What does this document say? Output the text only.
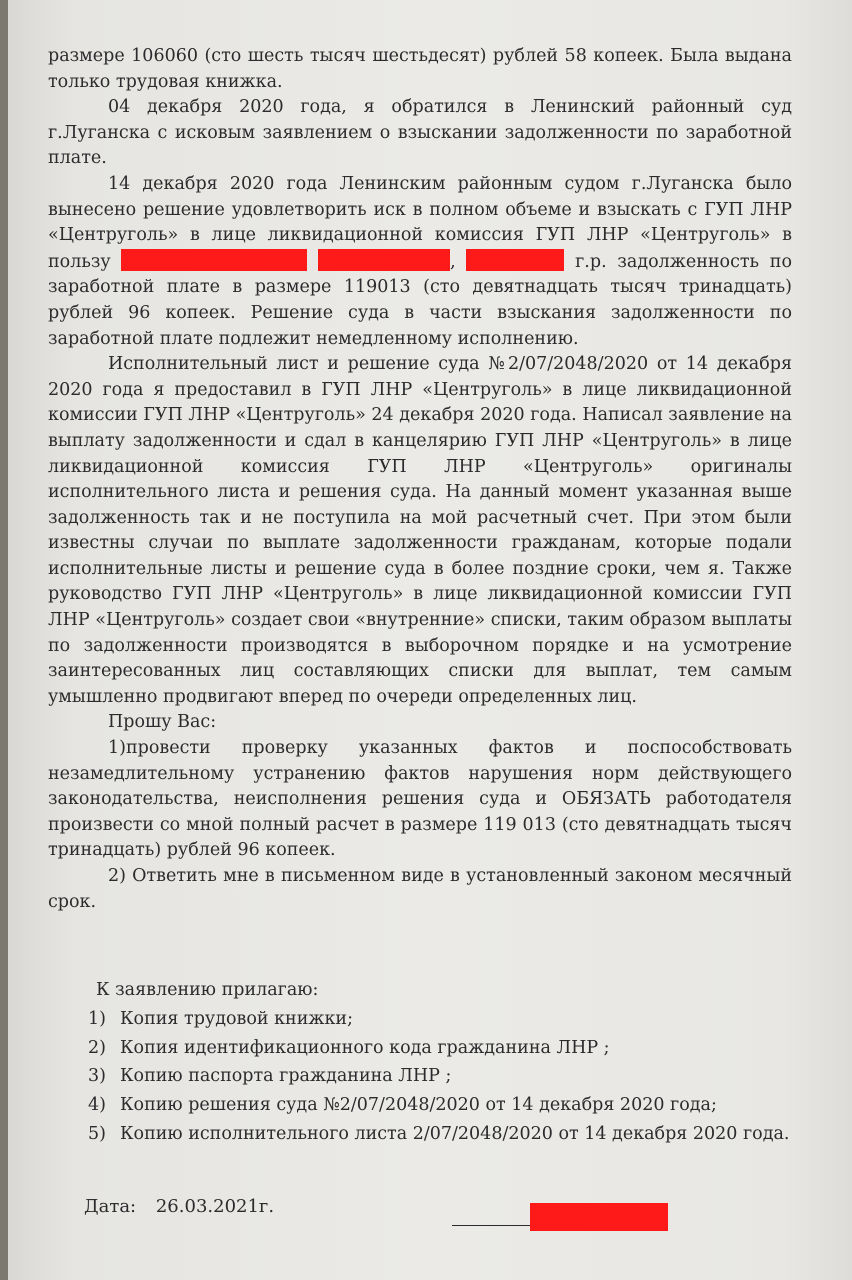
размере 106060 (сто шесть тысяч шестьдесят) рублей 58 копеек. Была выдана только трудовая книжка.

04 декабря 2020 года, я обратился в Ленинский районный суд г.Луганска с исковым заявлением о взыскании задолженности по заработной плате.

14 декабря 2020 года Ленинским районным судом г.Луганска было вынесено решение удовлетворить иск в полном объеме и взыскать с ГУП ЛНР «Центруголь» в лице ликвидационной комиссия ГУП ЛНР «Центруголь» в пользу	,	г.р. задолженность по заработной плате в размере 119013 (сто девятнадцать тысяч тринадцать) рублей 96 копеек. Решение суда в части взыскания задолженности по заработной плате подлежит немедленному исполнению.

Исполнительный лист и решение суда №2/07/2048/2020 от 14 декабря 2020 года я предоставил в ГУП ЛНР «Центруголь» в лице ликвидационной комиссии ГУП ЛНР «Центруголь» 24 декабря 2020 года. Написал заявление на выплату задолженности и сдал в канцелярию ГУП ЛНР «Центруголь» в лице ликвидационной комиссия ГУП ЛНР «Центруголь» оригиналы исполнительного листа и решения суда. На данный момент указанная выше задолженность так и не поступила на мой расчетный счет. При этом были известны случаи по выплате задолженности гражданам, которые подали исполнительные листы и решение суда в более поздние сроки, чем я. Также руководство ГУП ЛНР «Центруголь» в лице ликвидационной комиссии ГУП ЛНР «Центруголь» создает свои «внутренние» списки, таким образом выплаты по задолженности производятся в выборочном порядке и на усмотрение заинтересованных лиц составляющих списки для выплат, тем самым умышленно продвигают вперед по очереди определенных лиц.

Прошу Вас:

1)провести проверку указанных фактов и поспособствовать незамедлительному устранению фактов нарушения норм действующего законодательства, неисполнения решения суда и ОБЯЗАТЬ работодателя произвести со мной полный расчет в размере 119 013 (сто девятнадцать тысяч тринадцать) рублей 96 копеек.

2) Ответить мне в письменном виде в установленный законом месячный срок.

К заявлению прилагаю:
1) Копия трудовой книжки;
2) Копия идентификационного кода гражданина ЛНР ;
3) Копию паспорта гражданина ЛНР ;
4) Копию решения суда №2/07/2048/2020 от 14 декабря 2020 года;
5) Копию исполнительного листа 2/07/2048/2020 от 14 декабря 2020 года.
Дата: 26.03.2021г.
